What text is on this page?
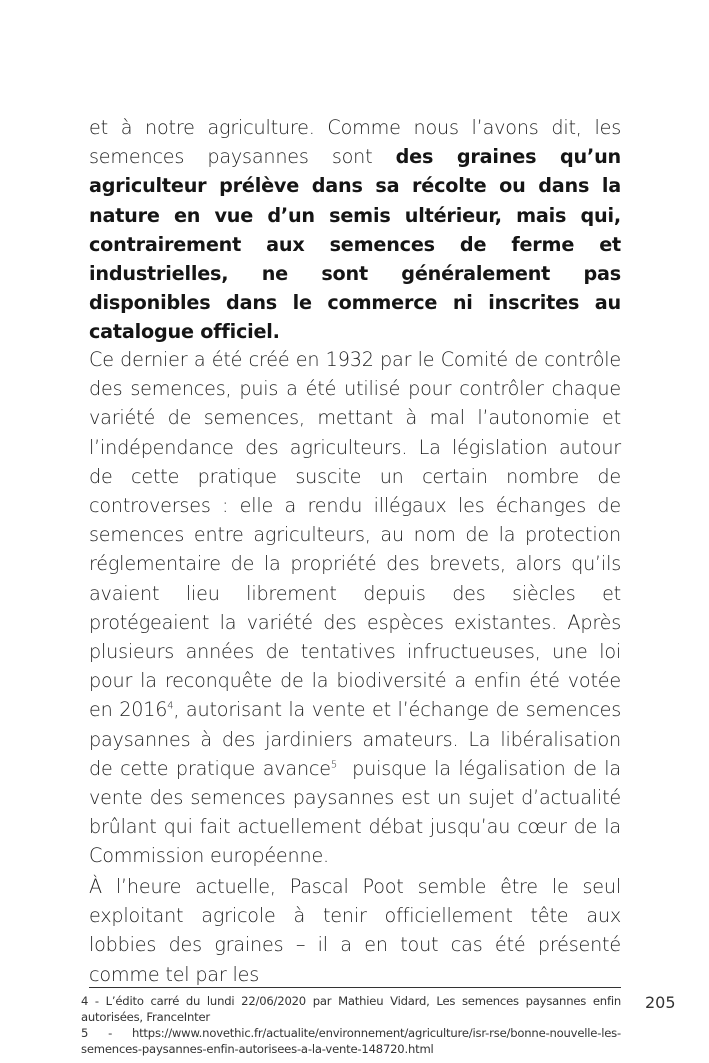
et à notre agriculture. Comme nous l’avons dit, les semences paysannes sont des graines qu’un agriculteur prélève dans sa récolte ou dans la nature en vue d’un semis ultérieur, mais qui, contrairement aux semences de ferme et industrielles, ne sont généralement pas disponibles dans le commerce ni inscrites au catalogue officiel.

Ce dernier a été créé en 1932 par le Comité de contrôle des semences, puis a été utilisé pour contrôler chaque variété de semences, mettant à mal l’autonomie et l’indépendance des agriculteurs. La législation autour de cette pratique suscite un certain nombre de controverses : elle a rendu illégaux les échanges de semences entre agriculteurs, au nom de la protection réglementaire de la propriété des brevets, alors qu’ils avaient lieu librement depuis des siècles et protégeaient la variété des espèces existantes. Après plusieurs années de tentatives infructueuses, une loi pour la reconquête de la biodiversité a enfin été votée en 2016$^4$, autorisant la vente et l’échange de semences paysannes à des jardiniers amateurs. La libéralisation de cette pratique avance$^5$  puisque la légalisation de la vente des semences paysannes est un sujet d’actualité brûlant qui fait actuellement débat jusqu’au cœur de la Commission européenne.

À l’heure actuelle, Pascal Poot semble être le seul exploitant agricole à tenir officiellement tête aux lobbies des graines – il a en tout cas été présenté comme tel par les

4 - L’édito carré du lundi 22/06/2020 par Mathieu Vidard, Les semences paysannes enfin autorisées, FranceInter

5 - https://www.novethic.fr/actualite/environnement/agriculture/isr-rse/bonne-nouvelle-les-semences-paysannes-enfin-autorisees-a-la-vente-148720.html

205
